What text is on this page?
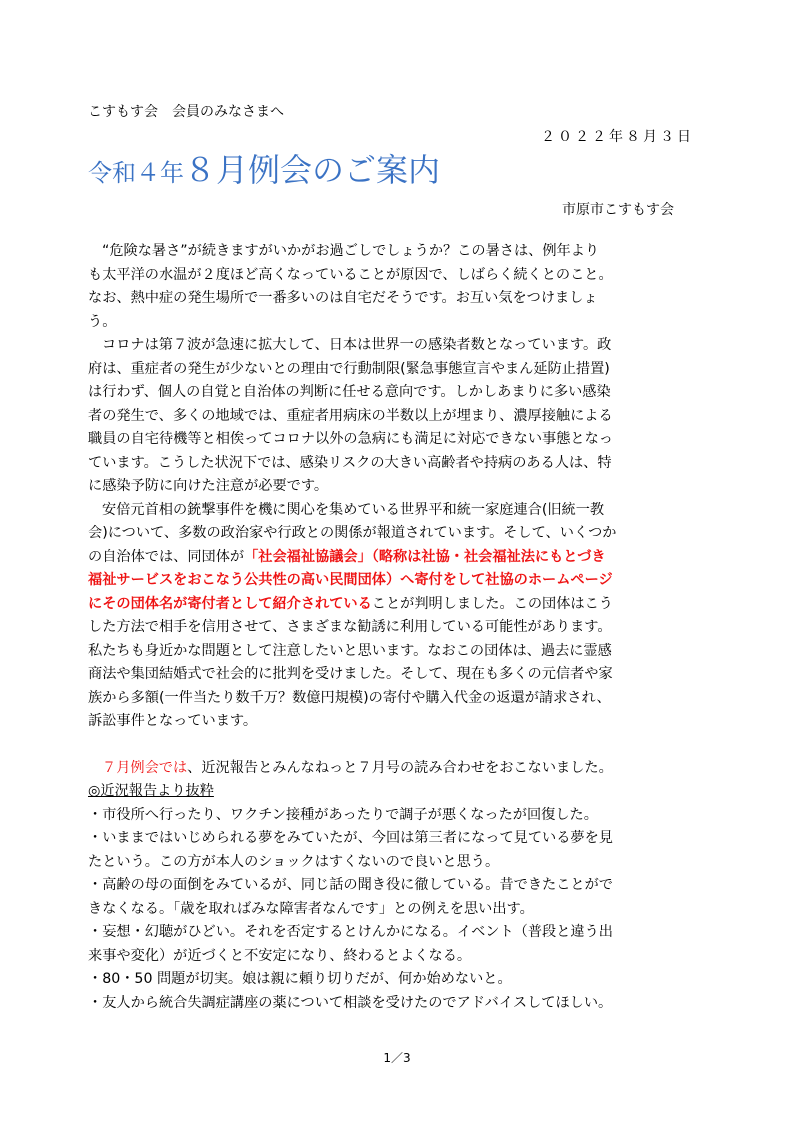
こすもす会　会員のみなさまへ

２０２２年８月３日

令和４年８月例会のご案内

市原市こすもす会

“危険な暑さ”が続きますがいかがお過ごしでしょうか？この暑さは、例年より
も太平洋の水温が２度ほど高くなっていることが原因で、しばらく続くとのこと。
なお、熱中症の発生場所で一番多いのは自宅だそうです。お互い気をつけましょ
う。
コロナは第７波が急速に拡大して、日本は世界一の感染者数となっています。政
府は、重症者の発生が少ないとの理由で行動制限(緊急事態宣言やまん延防止措置)
は行わず、個人の自覚と自治体の判断に任せる意向です。しかしあまりに多い感染
者の発生で、多くの地域では、重症者用病床の半数以上が埋まり、濃厚接触による
職員の自宅待機等と相俟ってコロナ以外の急病にも満足に対応できない事態となっ
ています。こうした状況下では、感染リスクの大きい高齢者や持病のある人は、特
に感染予防に向けた注意が必要です。
安倍元首相の銃撃事件を機に関心を集めている世界平和統一家庭連合(旧統一教
会)について、多数の政治家や行政との関係が報道されています。そして、いくつか
の自治体では、同団体が「社会福祉協議会」（略称は社協・社会福祉法にもとづき
福祉サービスをおこなう公共性の高い民間団体）へ寄付をして社協のホームページ
にその団体名が寄付者として紹介されていることが判明しました。この団体はこう
した方法で相手を信用させて、さまざまな勧誘に利用している可能性があります。
私たちも身近かな問題として注意したいと思います。なおこの団体は、過去に霊感
商法や集団結婚式で社会的に批判を受けました。そして、現在も多くの元信者や家
族から多額(一件当たり数千万？数億円規模)の寄付や購入代金の返還が請求され、
訴訟事件となっています。
７月例会では、近況報告とみんなねっと７月号の読み合わせをおこないました。
◎近況報告より抜粋
・市役所へ行ったり、ワクチン接種があったりで調子が悪くなったが回復した。
・いままではいじめられる夢をみていたが、今回は第三者になって見ている夢を見
たという。この方が本人のショックはすくないので良いと思う。
・高齢の母の面倒をみているが、同じ話の聞き役に徹している。昔できたことがで
きなくなる。「歳を取ればみな障害者なんです」との例えを思い出す。
・妄想・幻聴がひどい。それを否定するとけんかになる。イベント（普段と違う出
来事や変化）が近づくと不安定になり、終わるとよくなる。
・80・50 問題が切実。娘は親に頼り切りだが、何か始めないと。
・友人から統合失調症講座の薬について相談を受けたのでアドバイスしてほしい。

1／3
